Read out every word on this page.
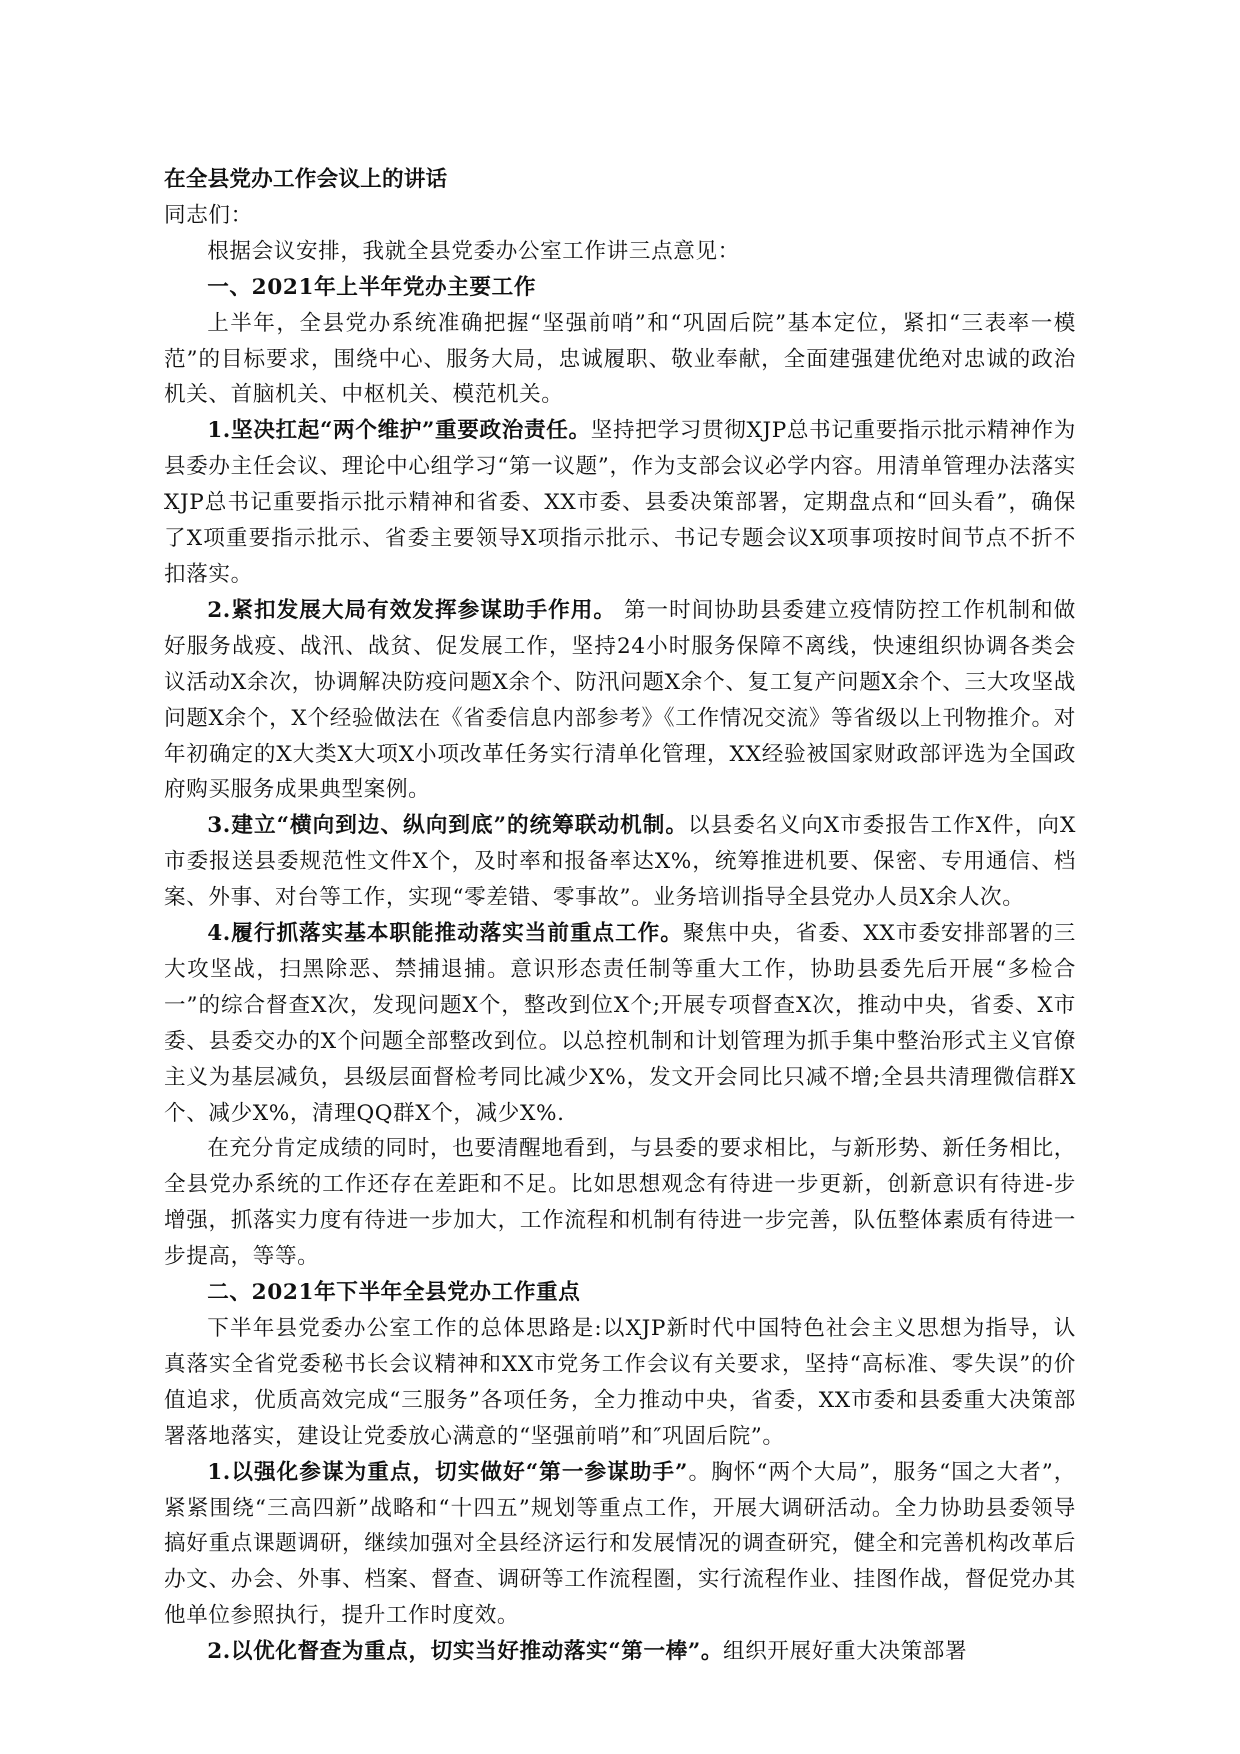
在全县党办工作会议上的讲话

同志们：

根据会议安排，我就全县党委办公室工作讲三点意见：

一、2021年上半年党办主要工作

上半年，全县党办系统准确把握“坚强前哨”和“巩固后院”基本定位，紧扣“三表率一模范”的目标要求，围绕中心、服务大局，忠诚履职、敬业奉献，全面建强建优绝对忠诚的政治机关、首脑机关、中枢机关、模范机关。

1.坚决扛起“两个维护”重要政治责任。坚持把学习贯彻XJP总书记重要指示批示精神作为县委办主任会议、理论中心组学习“第一议题”，作为支部会议必学内容。用清单管理办法落实XJP总书记重要指示批示精神和省委、XX市委、县委决策部署，定期盘点和“回头看”，确保了X项重要指示批示、省委主要领导X项指示批示、书记专题会议X项事项按时间节点不折不扣落实。

2.紧扣发展大局有效发挥参谋助手作用。 第一时间协助县委建立疫情防控工作机制和做好服务战疫、战汛、战贫、促发展工作，坚持24小时服务保障不离线，快速组织协调各类会议活动X余次，协调解决防疫问题X余个、防汛问题X余个、复工复产问题X余个、三大攻坚战问题X余个，X个经验做法在《省委信息内部参考》《工作情况交流》等省级以上刊物推介。对年初确定的X大类X大项X小项改革任务实行清单化管理，XX经验被国家财政部评选为全国政府购买服务成果典型案例。

3.建立“横向到边、纵向到底”的统筹联动机制。以县委名义向X市委报告工作X件，向X市委报送县委规范性文件X个，及时率和报备率达X%，统筹推进机要、保密、专用通信、档案、外事、对台等工作，实现“零差错、零事故”。业务培训指导全县党办人员X余人次。

4.履行抓落实基本职能推动落实当前重点工作。聚焦中央，省委、XX市委安排部署的三大攻坚战，扫黑除恶、禁捕退捕。意识形态责任制等重大工作，协助县委先后开展“多检合一”的综合督查X次，发现问题X个，整改到位X个;开展专项督查X次，推动中央，省委、X市委、县委交办的X个问题全部整改到位。以总控机制和计划管理为抓手集中整治形式主义官僚主义为基层减负，县级层面督检考同比减少X%，发文开会同比只减不增;全县共清理微信群X个、减少X%，清理QQ群X个，减少X%.

在充分肯定成绩的同时，也要清醒地看到，与县委的要求相比，与新形势、新任务相比，全县党办系统的工作还存在差距和不足。比如思想观念有待进一步更新，创新意识有待进-步增强，抓落实力度有待进一步加大，工作流程和机制有待进一步完善，队伍整体素质有待进一步提高，等等。

二、2021年下半年全县党办工作重点

下半年县党委办公室工作的总体思路是:以XJP新时代中国特色社会主义思想为指导，认真落实全省党委秘书长会议精神和XX市党务工作会议有关要求，坚持“高标准、零失误”的价值追求，优质高效完成“三服务”各项任务，全力推动中央，省委，XX市委和县委重大决策部署落地落实，建设让党委放心满意的“坚强前哨”和″巩固后院”。

1.以强化参谋为重点，切实做好“第一参谋助手”。胸怀“两个大局”，服务“国之大者”，紧紧围绕“三高四新”战略和“十四五”规划等重点工作，开展大调研活动。全力协助县委领导搞好重点课题调研，继续加强对全县经济运行和发展情况的调查研究，健全和完善机构改革后办文、办会、外事、档案、督查、调研等工作流程圏，实行流程作业、挂图作战，督促党办其他单位参照执行，提升工作时度效。

2.以优化督查为重点，切实当好推动落实“第一棒”。组织开展好重大决策部署
